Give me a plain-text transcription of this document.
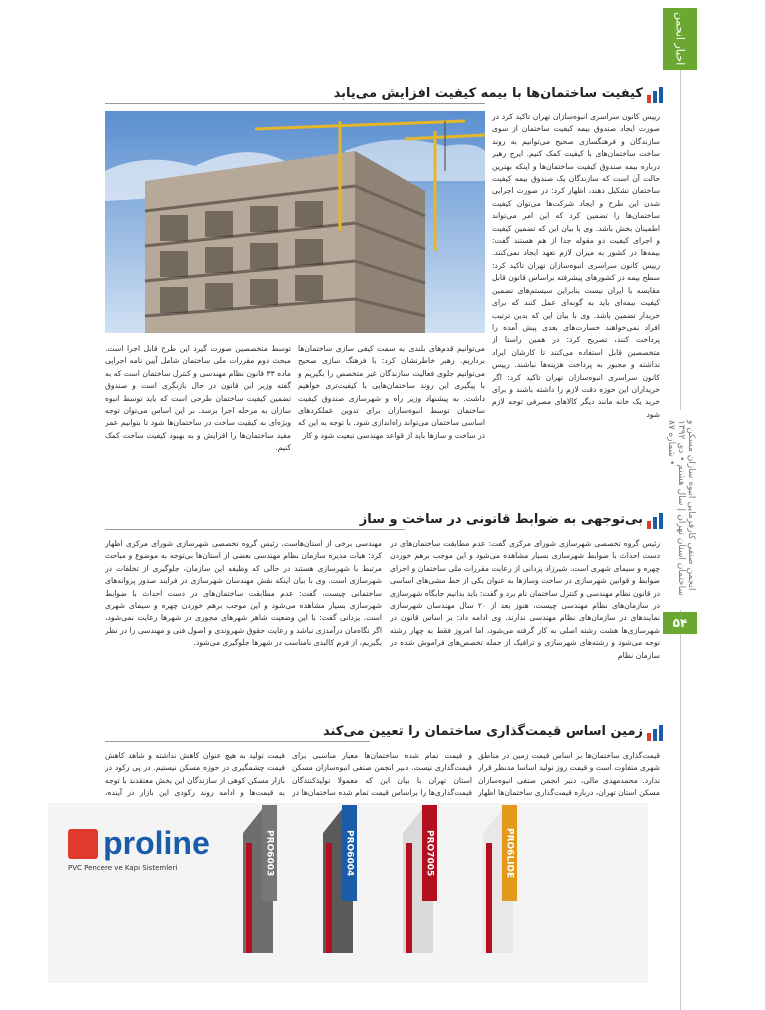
اخبار انجمن
انجمن صنفی کارفرمایی انبوه سازان مسکن و ساختمان استان تهران | سال هشتم • دی ۱۳۹۲ • شماره ۸۷
۵۴
کیفیت ساختمان‌ها با بیمه کیفیت افزایش می‌یابد
رییس کانون سراسری انبوه‌سازان تهران تاکید کرد در صورت ایجاد صندوق بیمه کیفیت ساختمان از سوی سازندگان و فرهنگسازی صحیح می‌توانیم به روند ساخت ساختمان‌های با کیفیت کمک کنیم. ایرج رهبر درباره بیمه صندوق کیفیت ساختمان‌ها و اینکه بهترین حالت آن است که سازندگان یک صندوق بیمه کیفیت ساختمان تشکیل دهند، اظهار کرد: در صورت اجرایی شدن این طرح و ایجاد شرکت‌ها می‌توان کیفیت ساختمان‌ها را تضمین کرد که این امر می‌تواند اطمینان بخش باشد. وی با بیان این که تضمین کیفیت و اجرای کیفیت دو مقوله جدا از هم هستند گفت: بیمه‌ها در کشور به میزان لازم تعهد ایجاد نمی‌کنند. رییس کانون سراسری انبوه‌سازان تهران تاکید کرد: سطح بیمه در کشورهای پیشرفته براساس قانون قابل مقایسه با ایران نیست بنابراین سیستم‌های تضمین کیفیت بیمه‌ای باید به گونه‌ای عمل کنند که برای خریدار تضمین باشد. وی با بیان این که بدین ترتیب افراد نمی‌خواهند خسارت‌های بعدی پیش آمده را پرداخت کنند، تصریح کرد: در همین راستا از متخصصین قابل استفاده می‌کنند تا کارشان ایراد نداشته و مجبور به پرداخت هزینه‌ها نباشند. رییس کانون سراسری انبوه‌سازان تهران تاکید کرد: اگر خریداران این حوزه دقت لازم را داشته باشند و برای خرید یک خانه مانند دیگر کالاهای مصرفی توجه لازم شود
می‌توانیم قدم‌های بلندی به سمت کیفی سازی ساختمان‌ها برداریم. رهبر خاطرنشان کرد: با فرهنگ سازی صحیح می‌توانیم جلوی فعالیت سازندگان غیر متخصص را بگیریم و با پیگیری این روند ساختمان‌هایی با کیفیت‌تری خواهیم داشت. به پیشنهاد وزیر راه و شهرسازی صندوق کیفیت ساختمان توسط انبوه‌سازان برای تدوین عملکردهای اساسی ساختمان می‌تواند راه‌اندازی شود. با توجه به این که در ساخت و سازها باید از قواعد مهندسی تبعیت شود و کار
توسط متخصصین صورت گیرد این طرح قابل اجرا است. مبحث دوم مقررات ملی ساختمان شامل آیین نامه اجرایی ماده ۳۳ قانون نظام مهندسی و کنترل ساختمان است که به گفته وزیر این قانون در حال بازنگری است و صندوق تضمین کیفیت ساختمان طرحی است که باید توسط انبوه سازان به مرحله اجرا برسد. بر این اساس می‌توان توجه ویژه‌ای به کیفیت ساخت در ساختمان‌ها شود تا بتوانیم عمر مفید ساختمان‌ها را افزایش و به بهبود کیفیت ساخت کمک کنیم.
بی‌توجهی به ضوابط قانونی در ساخت و ساز
رئیس گروه تخصصی شهرسازی شورای مرکزی گفت: عدم مطابقت ساختمان‌های در دست احداث با ضوابط شهرسازی بسیار مشاهده می‌شود و این موجب برهم خوردن چهره و سیمای شهری است. شیرزاد یزدانی از رعایت مقررات ملی ساختمان و اجرای ضوابط و قوانین شهرسازی در ساخت وسازها به عنوان یکی از خط مشی‌های اساسی در قانون نظام مهندسی و کنترل ساختمان نام برد و گفت: باید بدانیم جایگاه شهرسازی در سازمان‌های نظام مهندسی چیست، هنوز بعد از ۲۰ سال مهندسان شهرسازی نمایندهای در سازمان‌های نظام مهندسی ندارند. وی ادامه داد: بر اساس قانون در شهرسازی‌ها هشت رشته اصلی به کار گرفته می‌شود، اما امروز فقط به چهار رشته توجه می‌شود و رشته‌های شهرسازی و ترافیک از جمله تخصص‌های فراموش شده در سازمان نظام
مهندسی برخی از استان‌هاست. رئیس گروه تخصصی شهرسازی شورای مرکزی اظهار کرد: هیات مدیره سازمان نظام مهندسی بعضی از استان‌ها بی‌توجه به موضوع و مباحث مرتبط با شهرسازی هستند در حالی که وظیفه این سازمان، جلوگیری از تخلفات در شهرسازی است. وی با بیان اینکه نقش مهندسان شهرسازی در فرایند صدور پروانه‌های ساختمانی چیست، گفت: عدم مطابقت ساختمان‌های در دست احداث با ضوابط شهرسازی بسیار مشاهده می‌شود و این موجب برهم خوردن چهره و سیمای شهری است. یزدانی گفت: با این وضعیت شاهر شهرهای مجوری در شهرها رعایت نمی‌شود، اگر نگاه‌مان درآمدزی نباشد و رعایت حقوق شهروندی و اصول فنی و مهندسی را در نظر بگیریم، از فرم کالبدی نامناسب در شهرها جلوگیری می‌شود.
زمین اساس قیمت‌گذاری ساختمان را تعیین می‌کند
قیمت‌گذاری ساختمان‌ها بر اساس قیمت زمین در مناطق شهری متفاوت است و قیمت روز تولید اساسا مدنظر قرار ندارد. محمدمهدی مالی، دبیر انجمن صنفی انبوه‌سازان مسکن استان تهران، درباره قیمت‌گذاری ساختمان‌ها اظهار
و قیمت تمام شده ساختمان‌ها معیار مناسبی برای قیمت‌گذاری نیست. دبیر انجمن صنفی انبوه‌سازان مسکن استان تهران با بیان این که معمولا تولیدکنندگان قیمت‌گذاری‌ها را براساس قیمت تمام شده ساختمان‌ها در
قیمت تولید به هیچ عنوان کاهش نداشته و شاهد کاهش قیمت چشمگیری در حوزه مسکن نیستیم. در پی رکود در بازار مسکن کوهی از سازندگان این بخش معتقدند با توجه به قیمت‌ها و ادامه روند رکودی این بازار در آینده،
proline
PVC Pencere ve Kapı Sistemleri	PRO6003	PRO6004	PRO7005	PRO6LIDE
